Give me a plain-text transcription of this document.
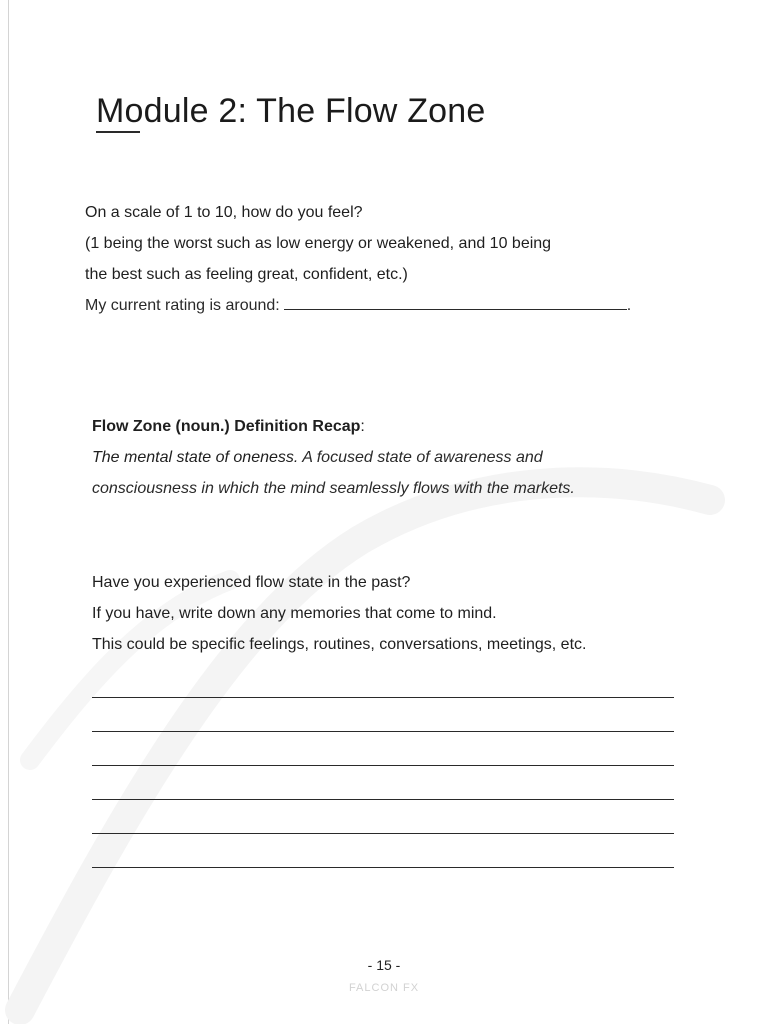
Module 2: The Flow Zone
On a scale of 1 to 10, how do you feel?
(1 being the worst such as low energy or weakened, and 10 being
the best such as feeling great, confident, etc.)
My current rating is around:	.
Flow Zone (noun.) Definition Recap:
The mental state of oneness. A focused state of awareness and
consciousness in which the mind seamlessly flows with the markets.
Have you experienced flow state in the past?
If you have, write down any memories that come to mind.
This could be specific feelings, routines, conversations, meetings, etc.
- 15 -
FALCON FX
